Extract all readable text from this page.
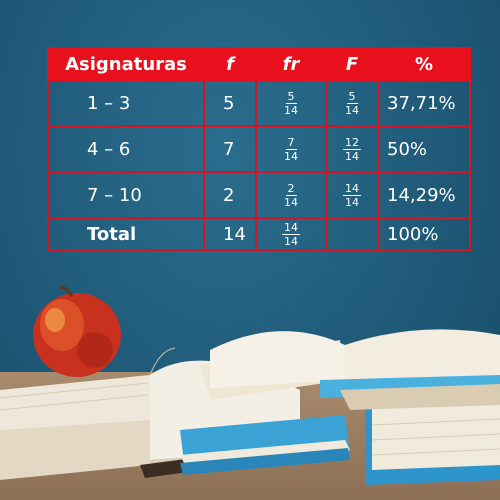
Asignaturas	f	fr	F	%
1 – 3	5	$\frac{5}{14}$	$\frac{5}{14}$	37,71%
4 – 6	7	$\frac{7}{14}$	$\frac{12}{14}$	50%
7 – 10	2	$\frac{2}{14}$	$\frac{14}{14}$	14,29%
Total	14	$\frac{14}{14}$		100%
